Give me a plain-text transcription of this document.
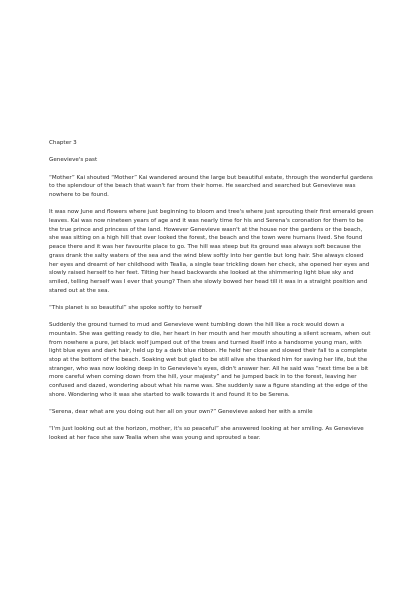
Chapter 3

Genevieve's past

“Mother” Kai shouted “Mother” Kai wandered around the large but beautiful estate, through the wonderful gardens to the splendour of the beach that wasn't far from their home. He searched and searched but Genevieve was nowhere to be found.

It was now June and flowers where just beginning to bloom and tree's where just sprouting their first emerald green leaves. Kai was now nineteen years of age and it was nearly time for his and Serena's coronation for them to be the true prince and princess of the land. However Genevieve wasn't at the house nor the gardens or the beach, she was sitting on a high hill that over looked the forest, the beach and the town were humans lived. She found peace there and it was her favourite place to go. The hill was steep but its ground was always soft because the grass drank the salty waters of the sea and the wind blew softly into her gentle but long hair. She always closed her eyes and dreamt of her childhood with Tealia, a single tear trickling down her check, she opened her eyes and slowly raised herself to her feet. Tilting her head backwards she looked at the shimmering light blue sky and smiled, telling herself was I ever that young? Then she slowly bowed her head till it was in a straight position and stared out at the sea.

“This planet is so beautiful” she spoke softly to herself

Suddenly the ground turned to mud and Genevieve went tumbling down the hill like a rock would down a mountain. She was getting ready to die, her heart in her mouth and her mouth shouting a silent scream, when out from nowhere a pure, jet black wolf jumped out of the trees and turned itself into a handsome young man, with light blue eyes and dark hair, held up by a dark blue ribbon. He held her close and slowed their fall to a complete stop at the bottom of the beach. Soaking wet but glad to be still alive she thanked him for saving her life, but the stranger, who was now looking deep in to Genevieve's eyes, didn't answer her. All he said was “next time be a bit more careful when coming down from the hill, your majesty” and he jumped back in to the forest, leaving her confused and dazed, wondering about what his name was. She suddenly saw a figure standing at the edge of the shore. Wondering who it was she started to walk towards it and found it to be Serena.

“Serena, dear what are you doing out her all on your own?” Genevieve asked her with a smile

“I'm just looking out at the horizon, mother, it's so peaceful” she answered looking at her smiling. As Genevieve looked at her face she saw Tealia when she was young and sprouted a tear.
